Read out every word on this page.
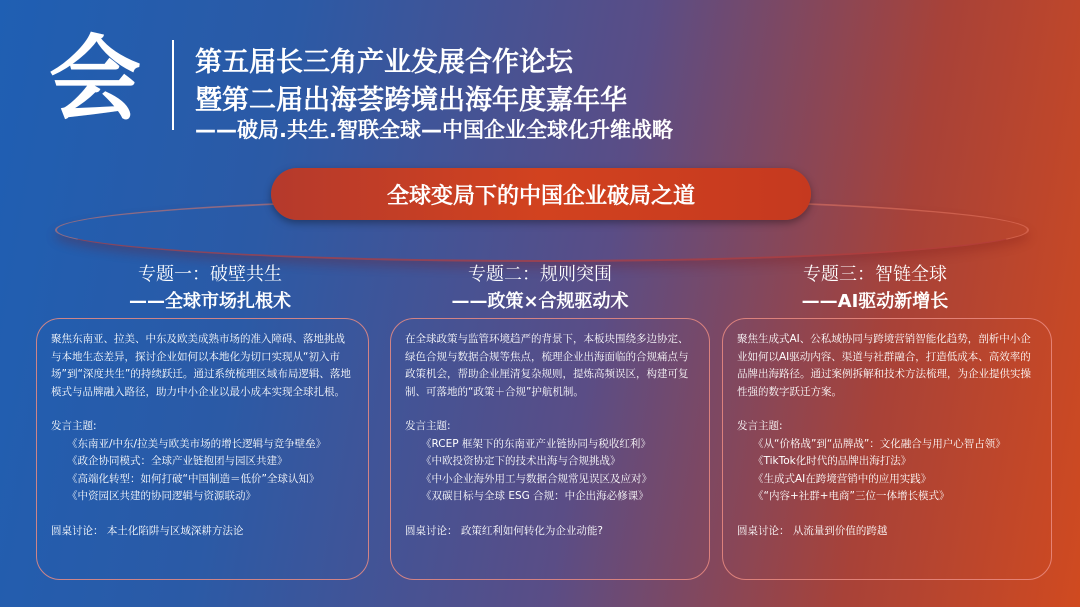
会	第五届长三角产业发展合作论坛
暨第二届出海荟跨境出海年度嘉年华
——破局.共生.智联全球—中国企业全球化升维战略
全球变局下的中国企业破局之道
专题一：破壁共生
——全球市场扎根术

聚焦东南亚、拉美、中东及欧美成熟市场的准入障碍、落地挑战与本地生态差异，探讨企业如何以本地化为切口实现从“初入市场”到“深度共生”的持续跃迁。通过系统梳理区域布局逻辑、落地模式与品牌融入路径，助力中小企业以最小成本实现全球扎根。

发言主题:

《东南亚/中东/拉美与欧美市场的增长逻辑与竞争壁垒》

《政企协同模式：全球产业链抱团与园区共建》

《高端化转型：如何打破“中国制造＝低价”全球认知》

《中资园区共建的协同逻辑与资源联动》

圆桌讨论： 本土化陷阱与区域深耕方法论

专题二：规则突围
——政策×合规驱动术

在全球政策与监管环境趋严的背景下，本板块围绕多边协定、绿色合规与数据合规等焦点，梳理企业出海面临的合规痛点与政策机会，帮助企业厘清复杂规则，提炼高频误区，构建可复制、可落地的“政策＋合规”护航机制。

发言主题:

《RCEP 框架下的东南亚产业链协同与税收红利》

《中欧投资协定下的技术出海与合规挑战》

《中小企业海外用工与数据合规常见误区及应对》

《双碳目标与全球 ESG 合规：中企出海必修课》

圆桌讨论： 政策红利如何转化为企业动能?

专题三：智链全球
——AI驱动新增长

聚焦生成式AI、公私域协同与跨境营销智能化趋势，剖析中小企业如何以AI驱动内容、渠道与社群融合，打造低成本、高效率的品牌出海路径。通过案例拆解和技术方法梳理，为企业提供实操性强的数字跃迁方案。

发言主题:

《从“价格战”到“品牌战”：文化融合与用户心智占领》

《TikTok化时代的品牌出海打法》

《生成式AI在跨境营销中的应用实践》

《“内容+社群+电商”三位一体增长模式》

圆桌讨论： 从流量到价值的跨越
